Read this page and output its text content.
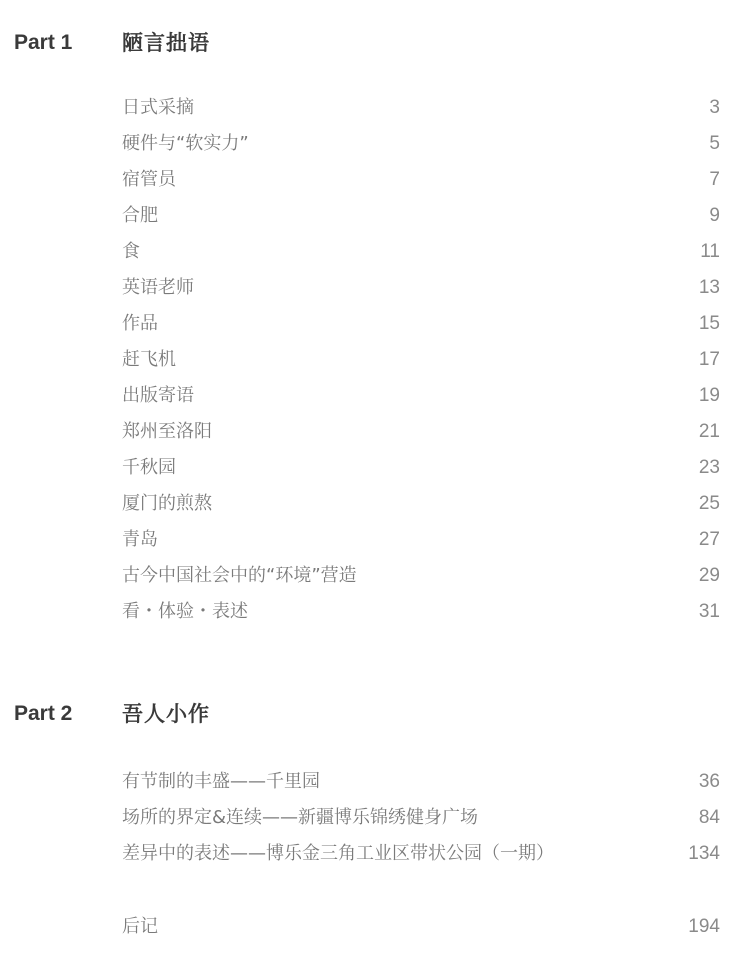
Part 1 陋言拙语
日式采摘	3
硬件与“软实力”	5
宿管员	7
合肥	9
食	11
英语老师	13
作品	15
赶飞机	17
出版寄语	19
郑州至洛阳	21
千秋园	23
厦门的煎熬	25
青岛	27
古今中国社会中的“环境”营造	29
看・体验・表述	31
Part 2 吾人小作
有节制的丰盛——千里园	36
场所的界定&连续——新疆博乐锦绣健身广场	84
差异中的表述——博乐金三角工业区带状公园（一期）	134
后记	194
